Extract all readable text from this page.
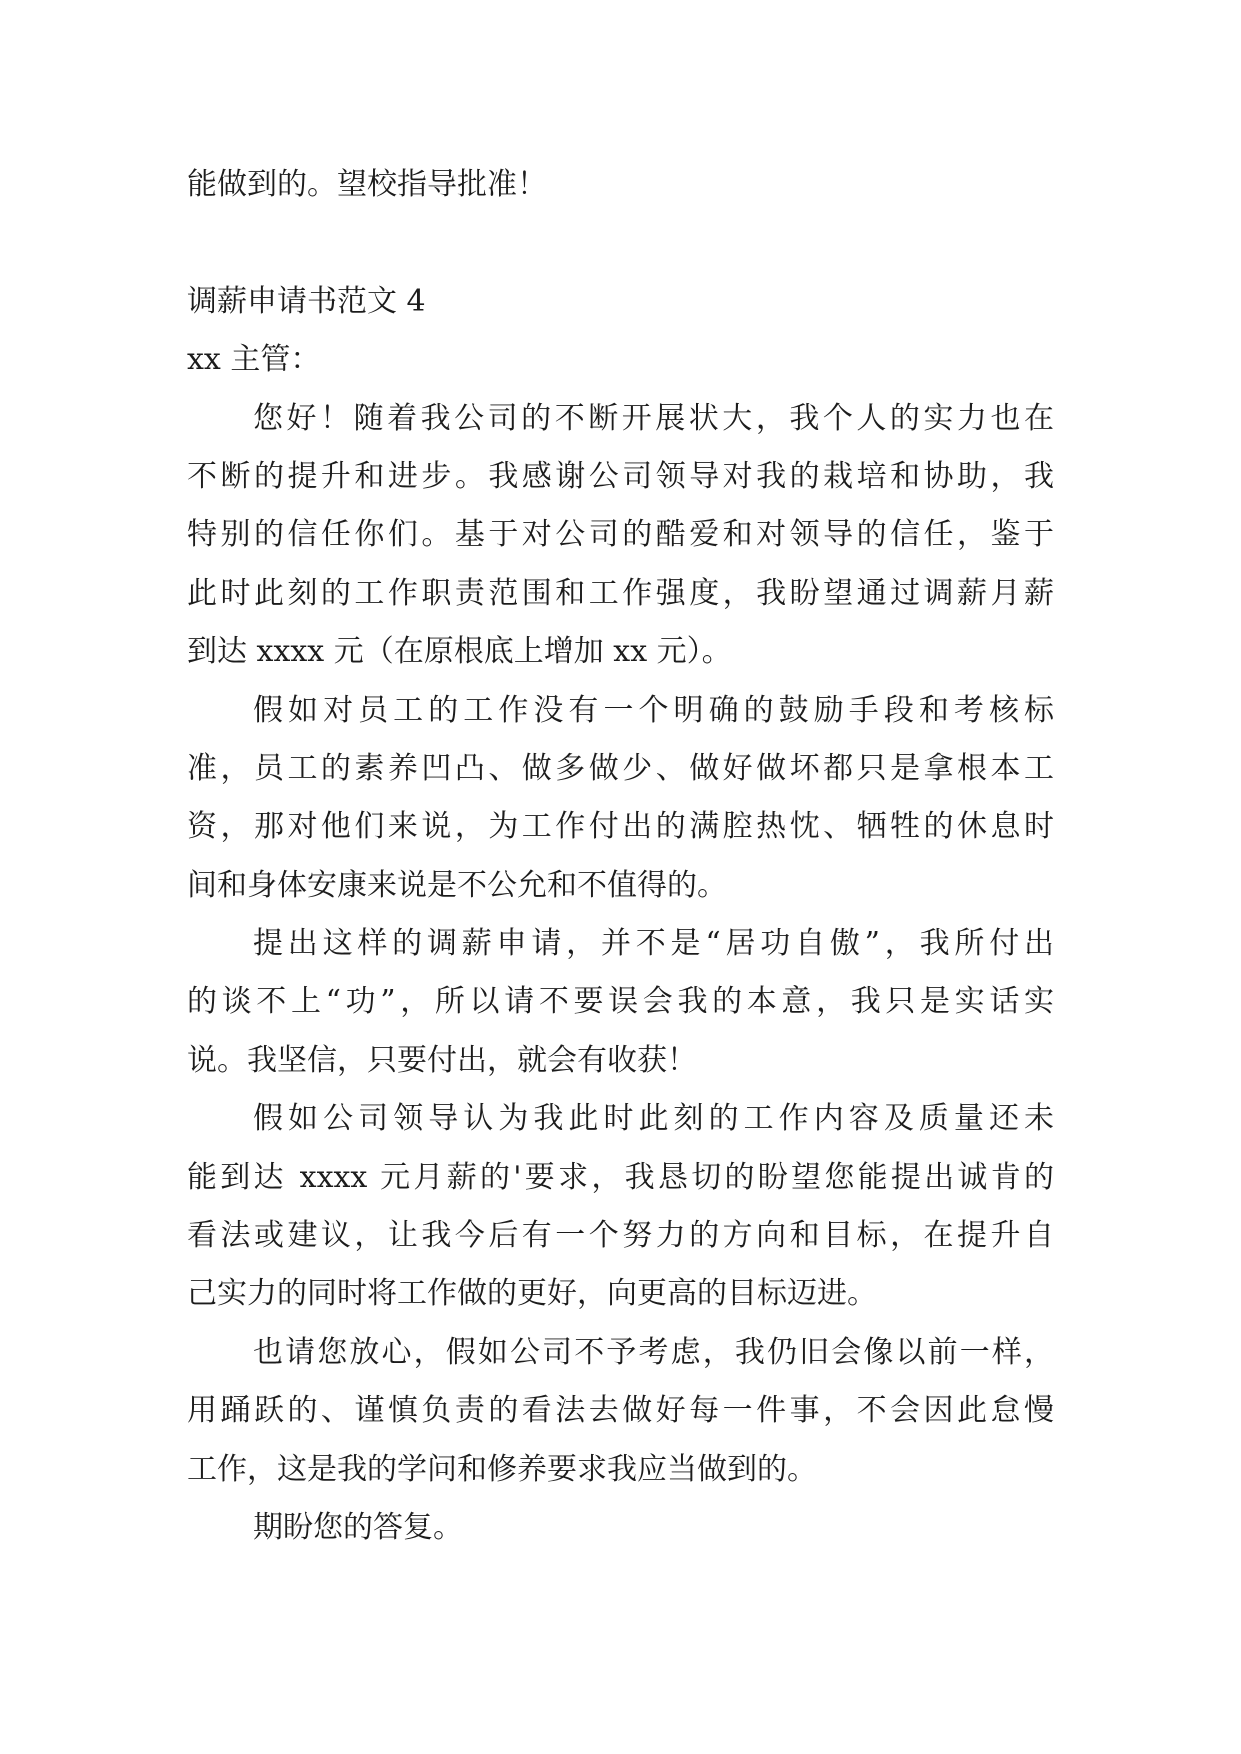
能做到的。望校指导批准！
调薪申请书范文 4
xx 主管：
您好！随着我公司的不断开展状大，我个人的实力也在
不断的提升和进步。我感谢公司领导对我的栽培和协助，我
特别的信任你们。基于对公司的酷爱和对领导的信任，鉴于
此时此刻的工作职责范围和工作强度，我盼望通过调薪月薪
到达 xxxx 元（在原根底上增加 xx 元）。
假如对员工的工作没有一个明确的鼓励手段和考核标
准，员工的素养凹凸、做多做少、做好做坏都只是拿根本工
资，那对他们来说，为工作付出的满腔热忱、牺牲的休息时
间和身体安康来说是不公允和不值得的。
提出这样的调薪申请，并不是“居功自傲”，我所付出
的谈不上“功”，所以请不要误会我的本意，我只是实话实
说。我坚信，只要付出，就会有收获！
假如公司领导认为我此时此刻的工作内容及质量还未
能到达 xxxx 元月薪的'要求，我恳切的盼望您能提出诚肯的
看法或建议，让我今后有一个努力的方向和目标，在提升自
己实力的同时将工作做的更好，向更高的目标迈进。
也请您放心，假如公司不予考虑，我仍旧会像以前一样，
用踊跃的、谨慎负责的看法去做好每一件事，不会因此怠慢
工作，这是我的学问和修养要求我应当做到的。
期盼您的答复。
